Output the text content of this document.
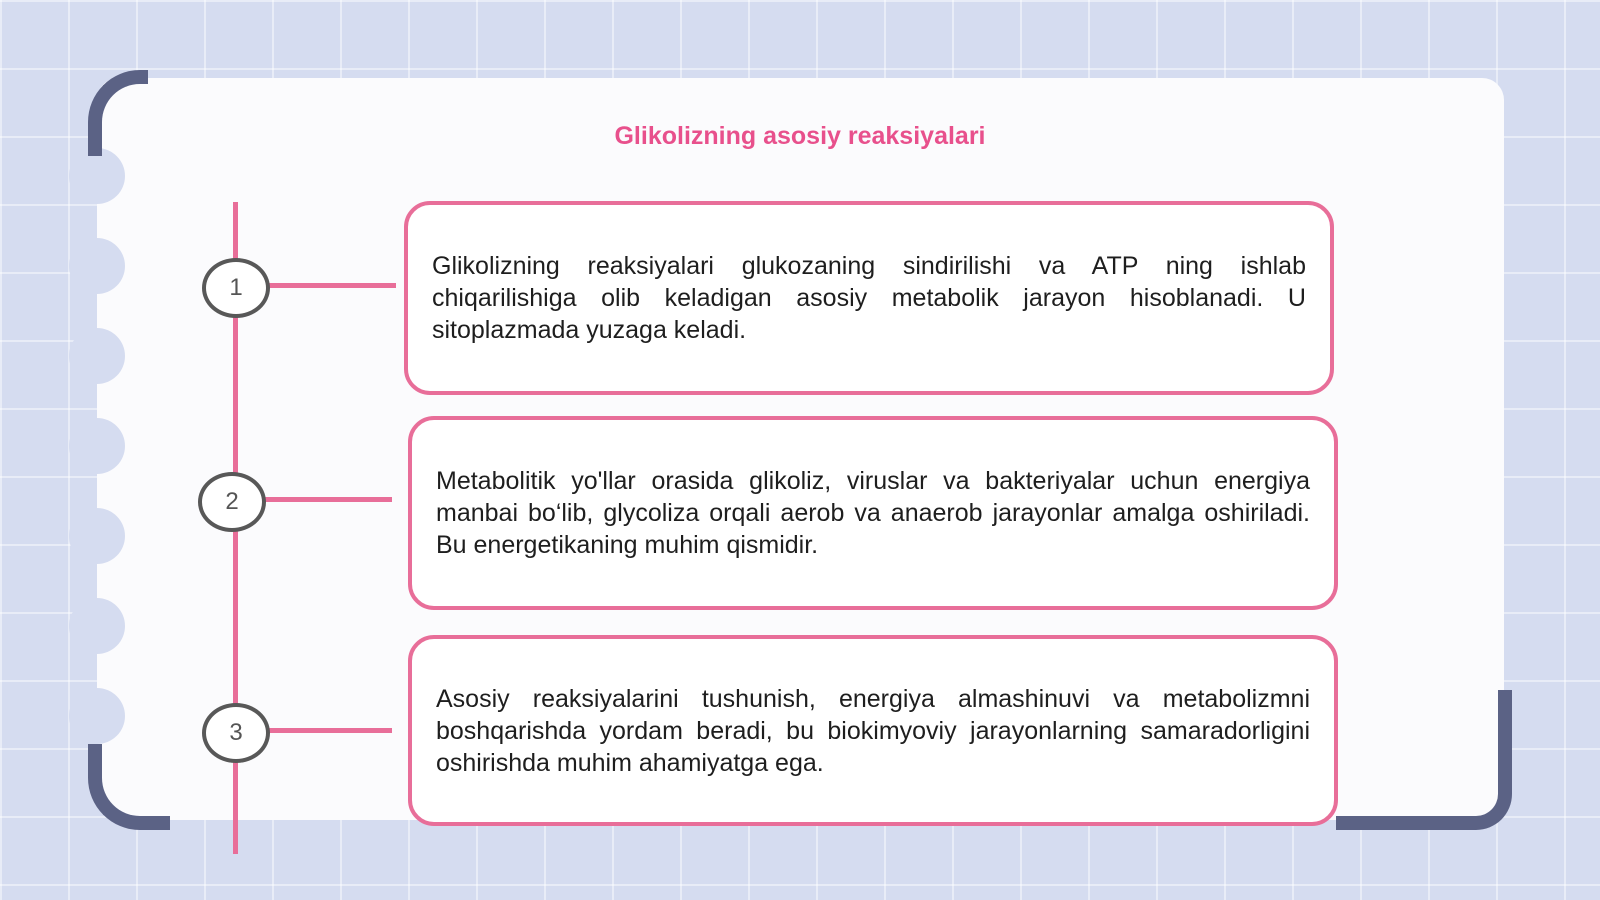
Glikolizning asosiy reaksiyalari
1
Glikolizning reaksiyalari glukozaning sindirilishi va ATP ning ishlab chiqarilishiga olib keladigan asosiy metabolik jarayon hisoblanadi. U sitoplazmada yuzaga keladi.
2
Metabolitik yo'llar orasida glikoliz, viruslar va bakteriyalar uchun energiya manbai bo‘lib, glycoliza orqali aerob va anaerob jarayonlar amalga oshiriladi. Bu energetikaning muhim qismidir.
3
Asosiy reaksiyalarini tushunish, energiya almashinuvi va metabolizmni boshqarishda yordam beradi, bu biokimyoviy jarayonlarning samaradorligini oshirishda muhim ahamiyatga ega.
